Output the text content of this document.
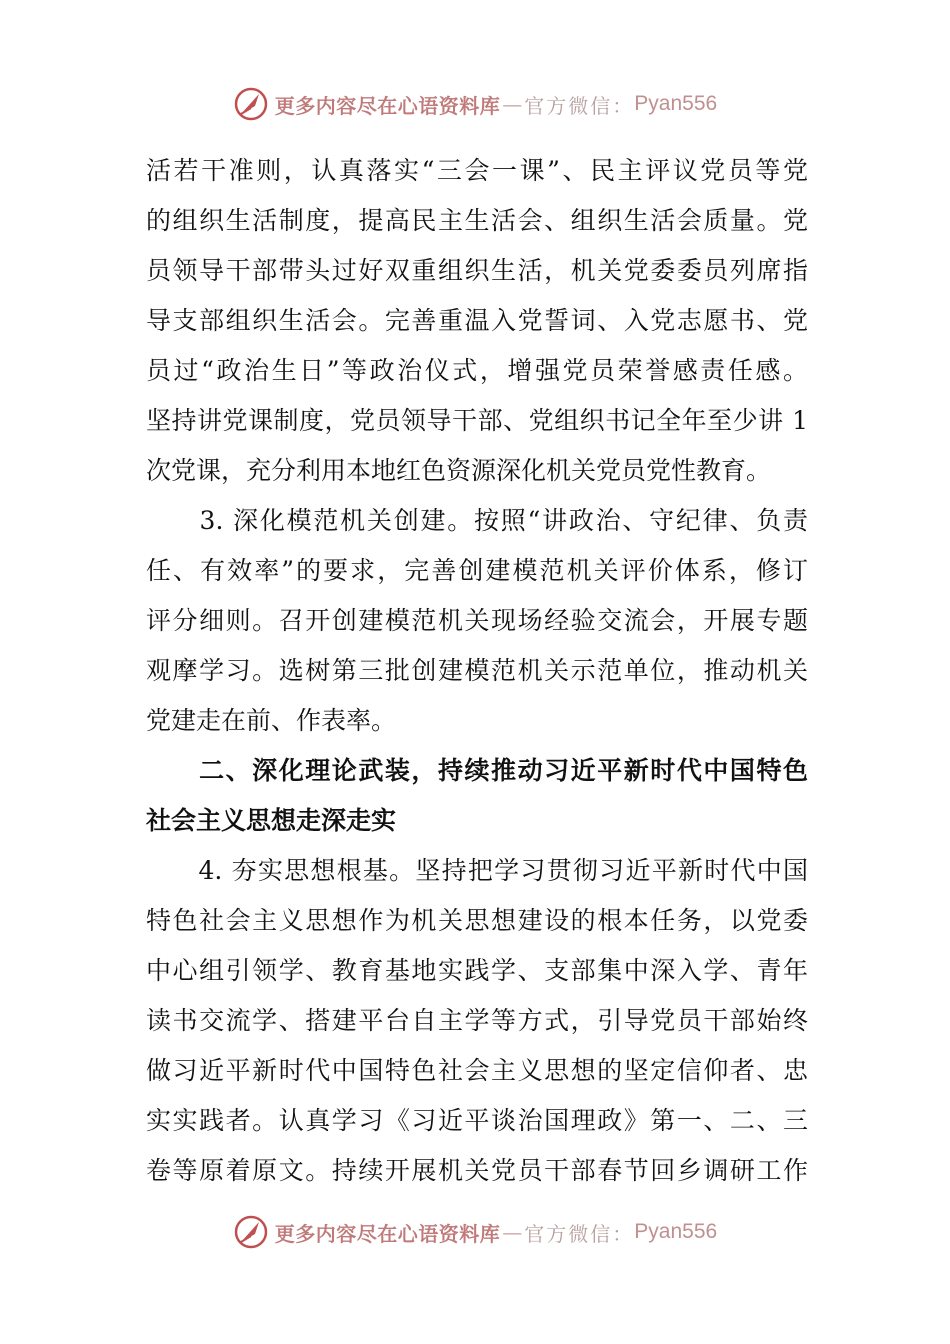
更多内容尽在心语资料库 — 官方微信： Pyan556
活若干准则，认真落实“三会一课”、民主评议党员等党
的组织生活制度，提高民主生活会、组织生活会质量。党
员领导干部带头过好双重组织生活，机关党委委员列席指
导支部组织生活会。完善重温入党誓词、入党志愿书、党
员过“政治生日”等政治仪式，增强党员荣誉感责任感。
坚持讲党课制度，党员领导干部、党组织书记全年至少讲 1
次党课，充分利用本地红色资源深化机关党员党性教育。
　　3. 深化模范机关创建。按照“讲政治、守纪律、负责
任、有效率”的要求，完善创建模范机关评价体系，修订
评分细则。召开创建模范机关现场经验交流会，开展专题
观摩学习。选树第三批创建模范机关示范单位，推动机关
党建走在前、作表率。
　　二、深化理论武装，持续推动习近平新时代中国特色
社会主义思想走深走实
　　4. 夯实思想根基。坚持把学习贯彻习近平新时代中国
特色社会主义思想作为机关思想建设的根本任务，以党委
中心组引领学、教育基地实践学、支部集中深入学、青年
读书交流学、搭建平台自主学等方式，引导党员干部始终
做习近平新时代中国特色社会主义思想的坚定信仰者、忠
实实践者。认真学习《习近平谈治国理政》第一、二、三
卷等原着原文。持续开展机关党员干部春节回乡调研工作
更多内容尽在心语资料库 — 官方微信： Pyan556
